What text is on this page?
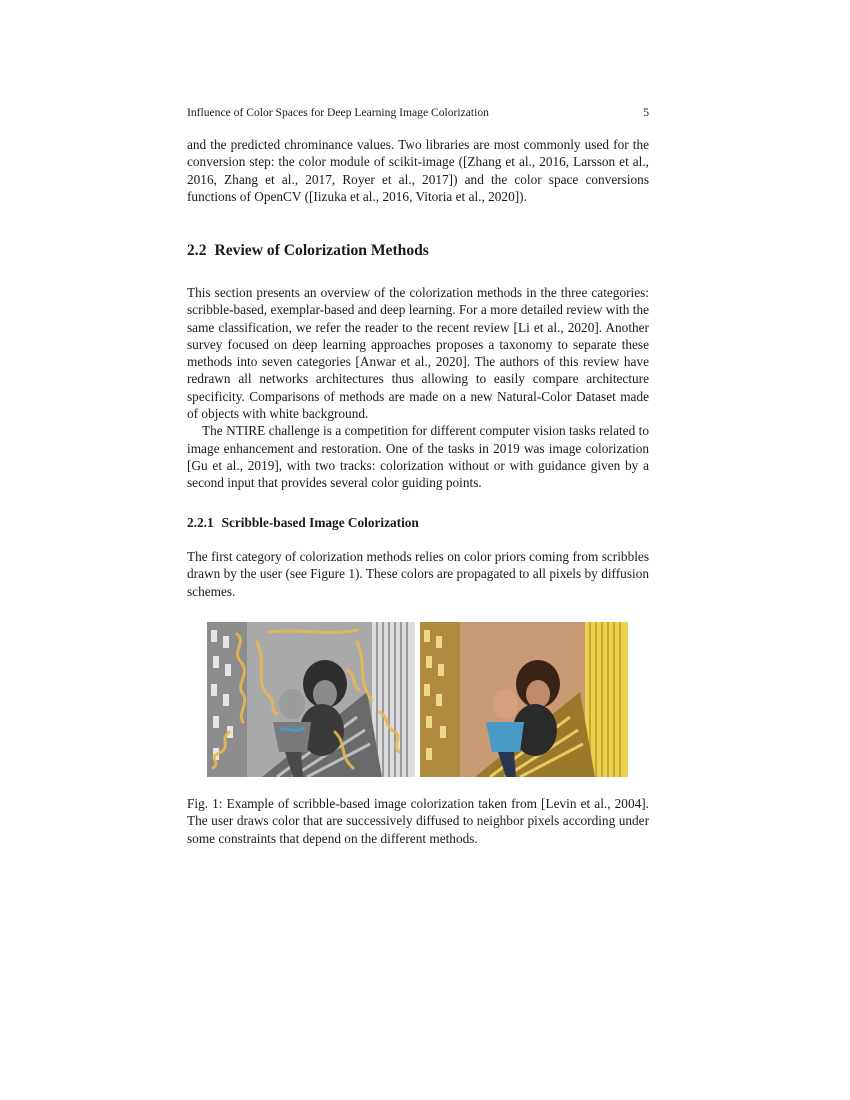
Influence of Color Spaces for Deep Learning Image Colorization	5

and the predicted chrominance values. Two libraries are most commonly used for the conversion step: the color module of scikit-image ([Zhang et al., 2016, Larsson et al., 2016, Zhang et al., 2017, Royer et al., 2017]) and the color space conversions functions of OpenCV ([Iizuka et al., 2016, Vitoria et al., 2020]).

2.2 Review of Colorization Methods

This section presents an overview of the colorization methods in the three categories: scribble-based, exemplar-based and deep learning. For a more detailed review with the same classification, we refer the reader to the recent review [Li et al., 2020]. Another survey focused on deep learning approaches proposes a taxonomy to separate these methods into seven categories [Anwar et al., 2020]. The authors of this review have redrawn all networks architectures thus allowing to easily compare architecture specificity. Comparisons of methods are made on a new Natural-Color Dataset made of objects with white background.

The NTIRE challenge is a competition for different computer vision tasks related to image enhancement and restoration. One of the tasks in 2019 was image colorization [Gu et al., 2019], with two tracks: colorization without or with guidance given by a second input that provides several color guiding points.

2.2.1 Scribble-based Image Colorization

The first category of colorization methods relies on color priors coming from scribbles drawn by the user (see Figure 1). These colors are propagated to all pixels by diffusion schemes.

Fig. 1: Example of scribble-based image colorization taken from [Levin et al., 2004]. The user draws color that are successively diffused to neighbor pixels according under some constraints that depend on the different methods.
